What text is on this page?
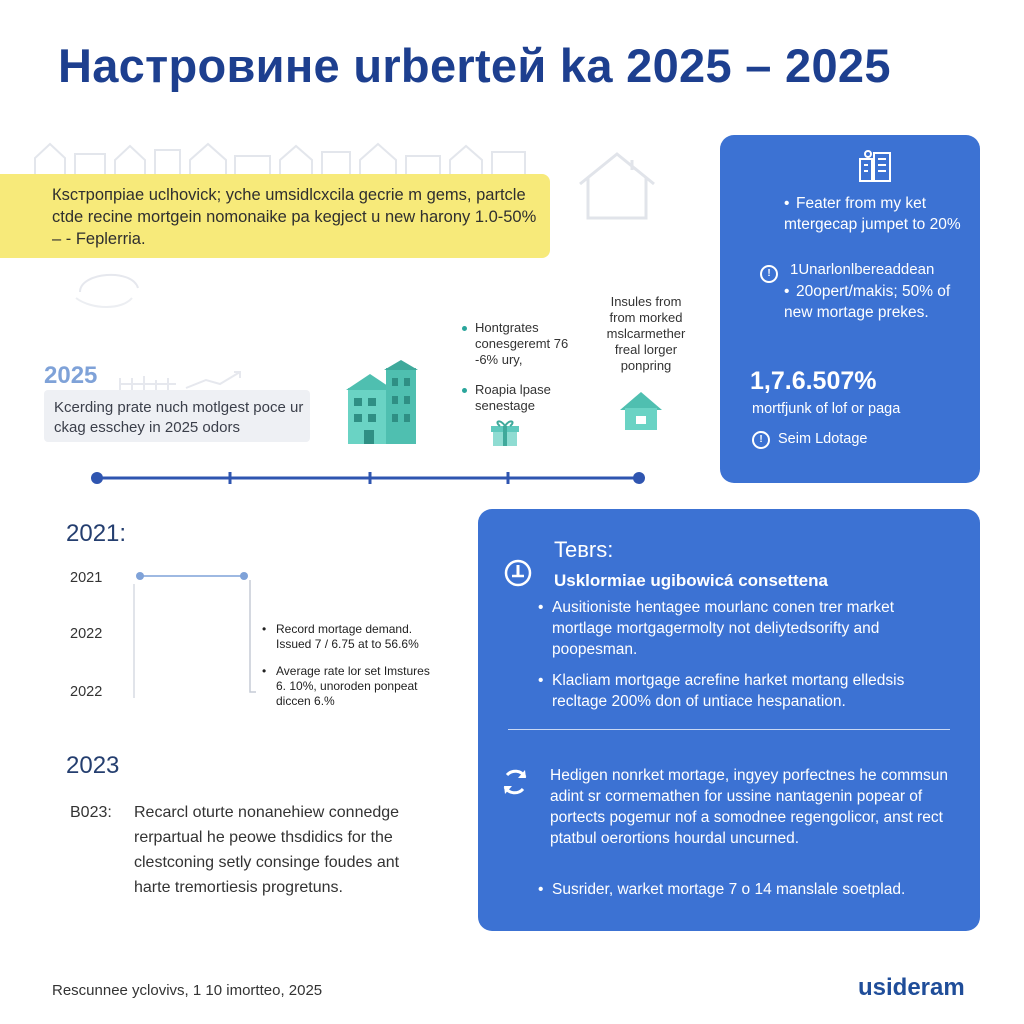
Настровине urberteй ka 2025 – 2025

Кsстропріае uclhovick; yche umsidlcxcila gecrie m gems, partcle ctde recine mortgein nomonaike pa kegject u new harony 1.0-50% – - Feplerria.

2025

Kcerding prate nuch motlgest poce ur ckag esschey in 2025 odors

Hontgrates conesgeremt 76 -6% ury,
Roapia lpase senestage
Insules from from morked mslcarmether freal lorger ponpring
• Feater from my ket mtergecap jumpet to 20%
!	1Unarlonlbereaddean
• 20opert/makis; 50% of new mortage prekes.
1,7.6.507%
mortfjunk of lof or paga
!	Seim Ldotage
2021:
2021
2022
2022
• Record mortage demand. Issued 7 / 6.75 at to 56.6%
• Average rate lor set Imstures 6. 10%, unoroden ponpeat diccen 6.%
2023
B023: Recarcl oturte nonanehiew connedge rerpartual he peowe thsdidics for the clestconing setly consinge foudes ant harte tremortiesis progretuns.
Teвrs:
Usklormiae ugibowicá consettena
• Ausitioniste hentagee mourlanc conen trer market mortlage mortgagermolty not deliytedsorifty and poopesman.
• Klacliam mortgage acrefine harket mortang elledsis recltage 200% don of untiace hespanation.
Hedigen nonrket mortage, ingyey porfectnes he commsun adint sr cormemathen for ussine nantagenin popear of portects pogemur nof a somodnee regengolicor, anst rect ptatbul oerortions hourdal uncurned.
• Susrider, warket mortage 7 o 14 manslale soetplad.
Rescunnee yclovivs, 1 10 imortteo, 2025	usideram
